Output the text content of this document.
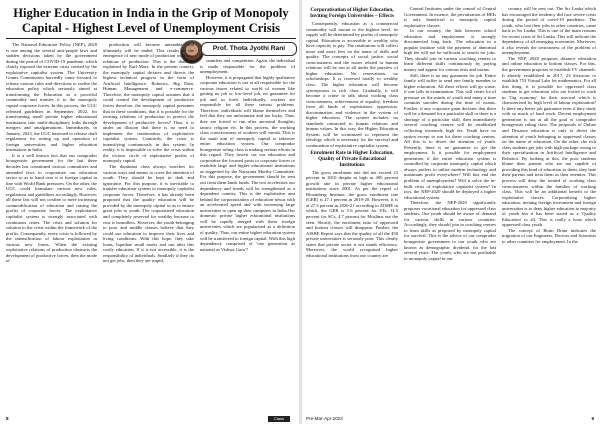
Higher Education in India in the Grip of Monopoly Capital - Highest Level of Unemployment Crisis
Prof. Thota Jyothi Rani

The National Education Policy (NEP), 2020 is one among the several anti-people laws and sudden decisions taken by the government during the period of COVID-19 pandemic which clearly exposed the extreme crisis created by the exploitative capitalist system. The University Grants Commission hurriedly came forward to release various rules and directions to realise the education policy which seriously aimed at transforming the Education as a powerful commodity and transfer it to the monopoly capital corporate forces. In this process, the UGC released guidelines in September, 2022, for transforming small private higher educational institutions into multi-disciplinary hubs through mergers and amalgamations. Immediately, in January, 2023, the UGC hastened to release draft regulations for setting up and operation of foreign universities and higher education institutions in India.

It is a well known fact that our comprador bourgeoisie government for the last three decades has constituted various committees and amended laws to corporatize our education sector so as to hand over it to foreign capital in line with World Bank pressures. On the other, the UGC could formulate various new rules, regulations and guidelines accordingly. However, all these fast will not confine to mere increasing commodification of education and raising the profits of corporate forces. The exploitative capitalist system is strongly associated with continuous crises. The crisis and solution for solution to the crisis within the framework of the profits. Consequently, every crisis is followed by the intensification of labour exploitation in various new forms. When the existing exploitative relations of production obstructs the development of productive forces, then the mode of

production will become untenable and ultimately will be ended. This results in the emergence of new mode of production with new relations of production. This is the dialectic explained by Karl Marx. In the present context, the monopoly capital dictates and directs the highest technical progress in the form of Artificial Intelligence, Robotics, Big Data, Human Management and e-commerce. Therefore, the monopoly capital assumes that it could control the development of productive forces therefore, the monopoly capital presumes that in these conditions, that it is possible for the existing relations of production to protect the development of productive forces? Thus, it is under an illusion that there is no need to implement the continuation of exploitative capitalist system. Contrarily, the crisis is intensifying continuously in this system. In reality, it is impossible to solve the crisis within the vicious circle of exploitative profits of monopoly capital.

The dominant class always searches for various ways and means to cover the attention of youth. They should be kept in dark and ignorance. For this purpose, it is inevitable to transfer education system to monopoly capitalist corporate forces. Therefore, it has already been proposed that the quality education will be provided by the monopoly capital so as to ensure great jobs to youth. The corporatized education and completely reserved for wealthy because to cost is boundless. However, the youth belonging to poor and middle classes believe that they could use education to improve their lives and living conditions. With this hope, they take loans, liquidate small assets and run after this costly education. If it is not accessible, it is the responsibility of individuals. Similarly if they do not get jobs, then they are stupid,

seamless and competition. Again, the individual is made responsible for the problem of unemployment.

However, it is propagated that highly qualitative corporate education is not at all responsible for the various issues related to world of women like getting no job or low-level job, no guarantee for job and so forth. Individually, workers are responsible for all these serious problems. Therefore, individuals will blame themselves and feel that they are unfortunate and not lucky. Thus, they are forced to run after ancestral thoughts, tantric religion etc. In this process, the working class consciousness of workers will vanish. This is the main aim of monopoly capital to takeover entire education system. Our comprador bourgeoisie ruling class is making serious efforts in this regard. They lowest cut our education and corporatize the focused posts to corporate forces to establish large and higher educational institutions as suggested by the Narayana Murthy Committee. For this purpose, the government should be sent out from them lands funds. The two accelerates our dependency and trends will be strengthened as a dependent country. This is the exploitative aim behind the corporatization of education nexus with an accelerated speed and with increasing large universities to open up their campuses in India.Our domestic private higher educational institutions will be rapidly merged with these foreign universities which are popularised as a definition of quality. Thus, our entire higher education system will be transferred to foreign capital. With this high dependency comprised of 'one generation as national as Vishwa Guru'?

8	Class Struggle
Corporatisation of Higher Education, Inviting Foreign Universities – Effects

Consequently, education as a commercial commodity will mount to the highest level, its supply will be determined by profits of monopoly capital. Education is accessible to wealthy who have capacity to pay. The institutions will collect more and more fees on the name of skills and quality. The concepts of social justice, social consciousness and the issues related to human relations will be run at all under the purview of higher education. No reservations, no scholarships. It is reserved totally to wealthy class. The higher education will become synonymous to rich class. Gradually, it will become a crime to talk about working class consciousness, achievement of equality, freedom from all kinds of exploitation, oppression, discrimination and violence in the system of higher education. The system includes, no standards connected to human relations and human values. In this way, the Higher Education System will be scrutinized to represent the ideology which is necessary for the survival and continuation of exploitative capitalist system.

Enrolment Rate in Higher Education, Quality of Private Educational Institutions

The gross enrolment rate did not exceed 23 percent in 2010 despite as high as 400 percent growth rate in private higher educational institutions since 2001. As per the report of Bloomberg Institute, the gross enrolment rate (GER) is 27.1 percent in 2019-20. However, it is at 27.3 percent in 2020-21 according to AISHE in which, the GER is 5.6 percent for STs, 14.5 percent for SCs, 4.7 percent for Muslims out the seen. Shortly, the enrolment ratio of oppressed and bottom classes will disappear. Further, the AISHE Report says that the quality of all the 450 private universities is seriously poor. This clearly states that private sector is not stands efficiency. Moreover, the world recognised higher educational institutions from our country are

Central Institutes under the control of Central Government. In essence, the privatisation of HEIs is only beneficial to monopoly capital exploitative classes.

In our country, the link between school education and employment is strongly disconnected long back. The education in a popular institute with the payment of abnormal high fee will not be sufficient to search for jobs. They should join in various coaching centres to learn different skills continuously by paying money and appear for various tests and exams.

Still, there is no any guarantee for job. Entire family will suffer to send one family member to higher education. All these efforts will go waste, if one falls in examination. This will create lot of pressure on the minds of youth and many a time commits suicides during the time of exams. Further, if any corporate giant declares that there will be a demand for a particular skill or there is a shortage of a particular skill, then immediately several coaching centres will be established collecting extremely high fee. Youth have no option except to run for these coaching centres. All this is to divert the attention of youth. Presently, there is no guarantee to get the employment. Is it possible for employment generation if the entire education system is controlled by corporate monopoly capital which always prefers to utilise modern technology and maximum profit everywhere? Will this end the problem of unemployment? Will it solve the in-built crisis of exploitative capitalist system? In fact, the NEP-2020 should be deployed a higher educational system.

Therefore, the NEP-2020 significantly proposes vocational education for oppressed class students. Our youth should be aware of demand for various skills in various countries. Accordingly, they should join in coaching centres to learn skills as proposed by monopoly capital for survival. This is the advice of our comprador bourgeoisie government to our youth who are known as demographic dividend, for the last several years. The youth, who are not profitable to monopoly capital in our

country will be sent out. The Sri Lanka which has encouraged the tendency did face severe crisis during the period of covid-19 pandemic. The youth, who lost their jobs in other countries, came back to Sri Lanka. This is one of the main reasons for recent crisis of Sri Lanka. This will indicate the dependency of all emerging economies. Moreover, it also reveals the seriousness of the problem of unemployment.

The NEP, 2020 proposes distance education and online education to bottom classes. For this, the government proposes to establish TV channels. It already established in 2017, 23 divisions to establish 753 Virtual Labs for mathematics. For all this thing, it is possible for oppressed class students to get education who are forced to work in 'Gig economy' for their survival which is characterised by high level of labour exploitation? Is there any better job guarantee even if they study with so much of hard work. Decent employment generation is not at all the goal of comprador bourgeoisie ruling class. The proposals of Online and Distance education is only to divert the attention of youth belonging to oppressed classes on the name of education. On the other, the rich class students get jobs with high package owing to their specialization in Artificial Intelligence and Robotics. By looking at this, the poor students blame their parents who are not capable of providing this kind of education to them; they hate their parents and treat them as their enemies. This process will deny the treated of working class consciousness within the families of working class. This will be an additional benefit to the exploitative classes. Corporatising higher education, inviting foreign investment and foreign universities is to deny higher education to majority of youth but it has been stated as a 'Quality Education' to all. This is really a hoax which oppressed class youth.

The concept of Brain Drain indicates the migration of our Engineers, Doctors and Scientists to other countries for employment. In the

Pre-Mar-Apr 2023	9
